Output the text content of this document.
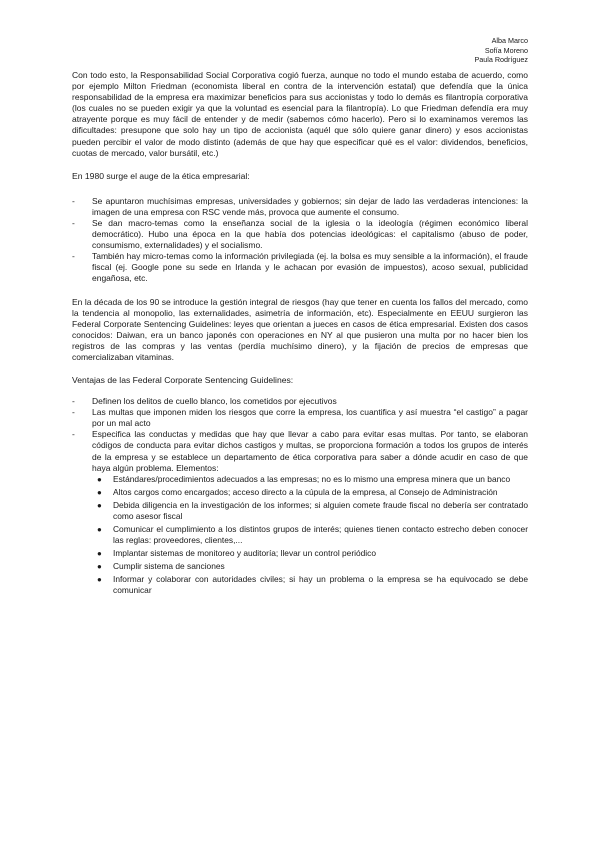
Alba Marco
Sofía Moreno
Paula Rodríguez

Con todo esto, la Responsabilidad Social Corporativa cogió fuerza, aunque no todo el mundo estaba de acuerdo, como por ejemplo Milton Friedman (economista liberal en contra de la intervención estatal) que defendía que la única responsabilidad de la empresa era maximizar beneficios para sus accionistas y todo lo demás es filantropía corporativa (los cuales no se pueden exigir ya que la voluntad es esencial para la filantropía). Lo que Friedman defendía era muy atrayente porque es muy fácil de entender y de medir (sabemos cómo hacerlo). Pero si lo examinamos veremos las dificultades: presupone que solo hay un tipo de accionista (aquél que sólo quiere ganar dinero) y esos accionistas pueden percibir el valor de modo distinto (además de que hay que especificar qué es el valor: dividendos, beneficios, cuotas de mercado, valor bursátil, etc.)

En 1980 surge el auge de la ética empresarial:

- Se apuntaron muchísimas empresas, universidades y gobiernos; sin dejar de lado las verdaderas intenciones: la imagen de una empresa con RSC vende más, provoca que aumente el consumo.
- Se dan macro-temas como la enseñanza social de la iglesia o la ideología (régimen económico liberal democrático). Hubo una época en la que había dos potencias ideológicas: el capitalismo (abuso de poder, consumismo, externalidades) y el socialismo.
- También hay micro-temas como la información privilegiada (ej. la bolsa es muy sensible a la información), el fraude fiscal (ej. Google pone su sede en Irlanda y le achacan por evasión de impuestos), acoso sexual, publicidad engañosa, etc.

En la década de los 90 se introduce la gestión integral de riesgos (hay que tener en cuenta los fallos del mercado, como la tendencia al monopolio, las externalidades, asimetría de información, etc). Especialmente en EEUU surgieron las Federal Corporate Sentencing Guidelines: leyes que orientan a jueces en casos de ética empresarial. Existen dos casos conocidos: Daiwan, era un banco japonés con operaciones en NY al que pusieron una multa por no hacer bien los registros de las compras y las ventas (perdía muchísimo dinero), y la fijación de precios de empresas que comercializaban vitaminas.

Ventajas de las Federal Corporate Sentencing Guidelines:

- Definen los delitos de cuello blanco, los cometidos por ejecutivos
- Las multas que imponen miden los riesgos que corre la empresa, los cuantifica y así muestra “el castigo” a pagar por un mal acto
- Especifica las conductas y medidas que hay que llevar a cabo para evitar esas multas. Por tanto, se elaboran códigos de conducta para evitar dichos castigos y multas, se proporciona formación a todos los grupos de interés de la empresa y se establece un departamento de ética corporativa para saber a dónde acudir en caso de que haya algún problema. Elementos:
● Estándares/procedimientos adecuados a las empresas; no es lo mismo una empresa minera que un banco
● Altos cargos como encargados; acceso directo a la cúpula de la empresa, al Consejo de Administración
● Debida diligencia en la investigación de los informes; si alguien comete fraude fiscal no debería ser contratado como asesor fiscal
● Comunicar el cumplimiento a los distintos grupos de interés; quienes tienen contacto estrecho deben conocer las reglas: proveedores, clientes,...
● Implantar sistemas de monitoreo y auditoría; llevar un control periódico
● Cumplir sistema de sanciones
● Informar y colaborar con autoridades civiles; si hay un problema o la empresa se ha equivocado se debe comunicar
